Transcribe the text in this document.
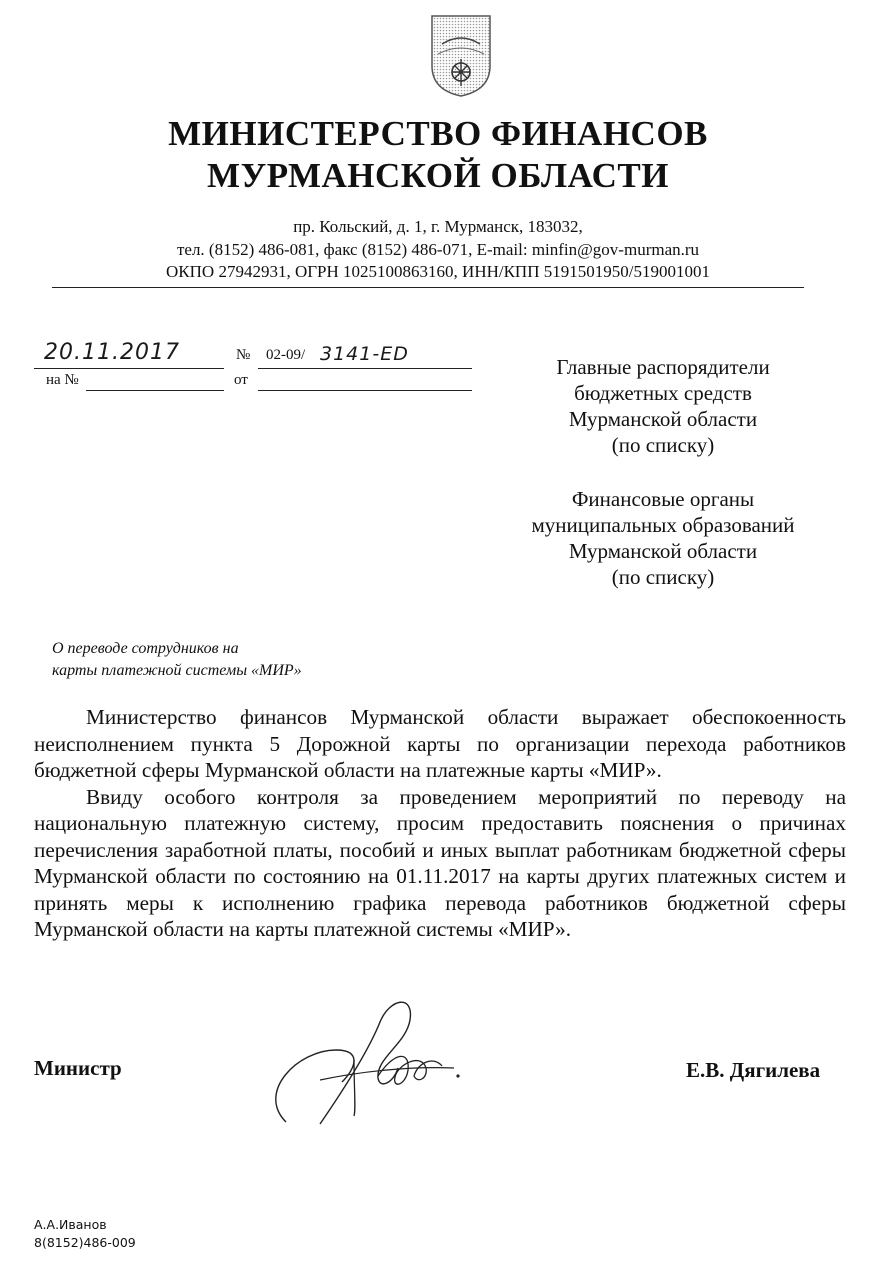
МИНИСТЕРСТВО ФИНАНСОВ
МУРМАНСКОЙ ОБЛАСТИ
пр. Кольский, д. 1, г. Мурманск, 183032,
тел. (8152) 486-081, факс (8152) 486-071, E-mail: minfin@gov-murman.ru
ОКПО 27942931, ОГРН 1025100863160, ИНН/КПП 5191501950/519001001
20.11.2017	№ 02-09/ 3141-ED
на №	от
Главные распорядители
бюджетных средств
Мурманской области
(по списку)
Финансовые органы
муниципальных образований
Мурманской области
(по списку)
О переводе сотрудников на
карты платежной системы «МИР»

Министерство финансов Мурманской области выражает обеспокоенность неисполнением пункта 5 Дорожной карты по организации перехода работников бюджетной сферы Мурманской области на платежные карты «МИР».

Ввиду особого контроля за проведением мероприятий по переводу на национальную платежную систему, просим предоставить пояснения о причинах перечисления заработной платы, пособий и иных выплат работникам бюджетной сферы Мурманской области по состоянию на 01.11.2017 на карты других платежных систем и принять меры к исполнению графика перевода работников бюджетной сферы Мурманской области на карты платежной системы «МИР».

Министр	Е.В. Дягилева
А.А.Иванов
8(8152)486-009
